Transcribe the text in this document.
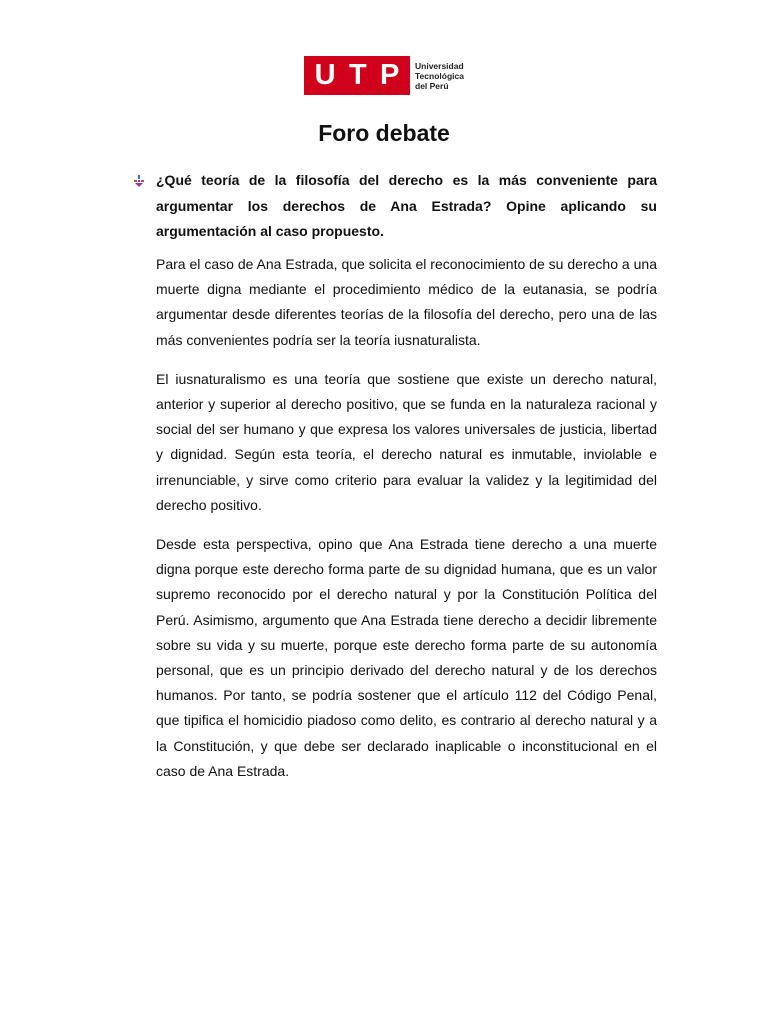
U T P Universidad
Tecnológica
del Perú
Foro debate

¿Qué teoría de la filosofía del derecho es la más conveniente para argumentar los derechos de Ana Estrada? Opine aplicando su argumentación al caso propuesto.

Para el caso de Ana Estrada, que solicita el reconocimiento de su derecho a una muerte digna mediante el procedimiento médico de la eutanasia, se podría argumentar desde diferentes teorías de la filosofía del derecho, pero una de las más convenientes podría ser la teoría iusnaturalista.

El iusnaturalismo es una teoría que sostiene que existe un derecho natural, anterior y superior al derecho positivo, que se funda en la naturaleza racional y social del ser humano y que expresa los valores universales de justicia, libertad y dignidad. Según esta teoría, el derecho natural es inmutable, inviolable e irrenunciable, y sirve como criterio para evaluar la validez y la legitimidad del derecho positivo.

Desde esta perspectiva, opino que Ana Estrada tiene derecho a una muerte digna porque este derecho forma parte de su dignidad humana, que es un valor supremo reconocido por el derecho natural y por la Constitución Política del Perú. Asimismo, argumento que Ana Estrada tiene derecho a decidir libremente sobre su vida y su muerte, porque este derecho forma parte de su autonomía personal, que es un principio derivado del derecho natural y de los derechos humanos. Por tanto, se podría sostener que el artículo 112 del Código Penal, que tipifica el homicidio piadoso como delito, es contrario al derecho natural y a la Constitución, y que debe ser declarado inaplicable o inconstitucional en el caso de Ana Estrada.
